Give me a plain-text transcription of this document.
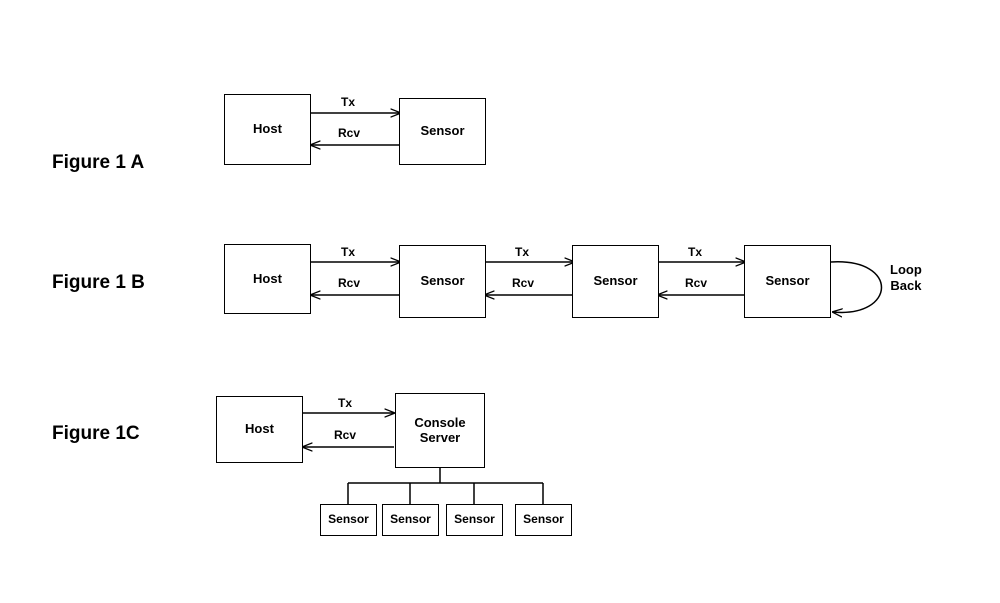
Figure 1 A
Host	Sensor
Tx
Rcv
Figure 1 B	Host	Sensor	Sensor	Sensor
Tx
Rcv
Tx
Rcv
Tx
Rcv
Loop
Back
Figure 1C	Host	Console
Server
Tx
Rcv
Sensor Sensor Sensor Sensor
